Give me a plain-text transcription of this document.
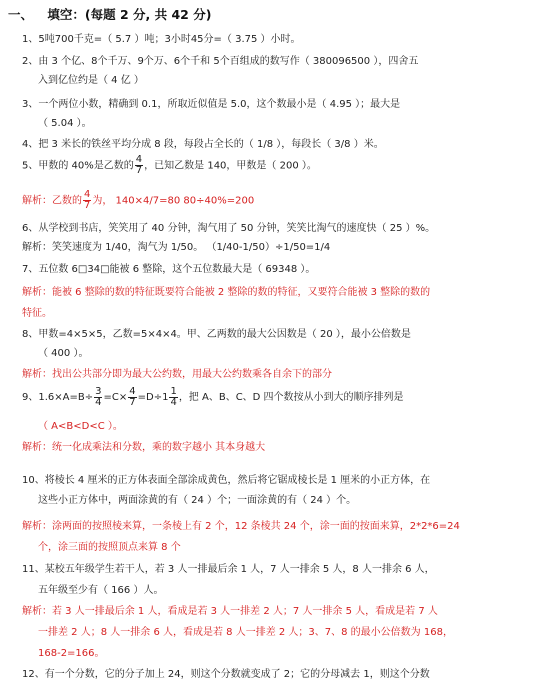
一、 填空：(每题 2 分, 共 42 分)
1、5吨700千克=（ 5.7 ）吨；3小时45分=（ 3.75 ）小时。
2、由 3 个亿、8个千万、9个万、6个千和 5个百组成的数写作（ 380096500 ），四舍五
入到亿位约是（ 4 亿 ）
3、一个两位小数，精确到 0.1，所取近似值是 5.0，这个数最小是（ 4.95 ）；最大是
（ 5.04 ）。
4、把 3 米长的铁丝平均分成 8 段，每段占全长的（ 1/8 ），每段长（ 3/8 ）米。
5、甲数的 40%是乙数的 $\frac{4}{7}$ ，已知乙数是 140，甲数是（ 200 ）。
解析：乙数的 $\frac{4}{7}$ 为， 140×4/7=80 80÷40%=200
6、从学校到书店，笑笑用了 40 分钟，淘气用了 50 分钟，笑笑比淘气的速度快（ 25 ）%。
解析：笑笑速度为 1/40，淘气为 1/50。 （1/40-1/50）÷1/50=1/4
7、五位数 6□34□能被 6 整除，这个五位数最大是（ 69348 ）。
解析：能被 6 整除的数的特征既要符合能被 2 整除的数的特征，又要符合能被 3 整除的数的
特征。
8、甲数=4×5×5，乙数=5×4×4。甲、乙两数的最大公因数是（ 20 ），最小公倍数是
（ 400 ）。
解析：找出公共部分即为最大公约数，用最大公约数乘各自余下的部分
9、$1.6\times A=B\div \frac{3}{4} =C\times \frac{4}{7} =D\div 1 \frac{1}{4}$ ，把 A、B、C、D 四个数按从小到大的顺序排列是
（ A<B<D<C ）。
解析：统一化成乘法和分数，乘的数字越小 其本身越大
10、将棱长 4 厘米的正方体表面全部涂成黄色，然后将它锯成棱长是 1 厘米的小正方体，在
这些小正方体中，两面涂黄的有（ 24 ）个；一面涂黄的有（ 24 ）个。
解析：涂两面的按照棱来算，一条棱上有 2 个，12 条棱共 24 个，涂一面的按面来算，2*2*6=24
个，涂三面的按照顶点来算 8 个
11、某校五年级学生若干人，若 3 人一排最后余 1 人，7 人一排余 5 人，8 人一排余 6 人，
五年级至少有（ 166 ）人。
解析：若 3 人一排最后余 1 人，看成是若 3 人一排差 2 人；7 人一排余 5 人，看成是若 7 人
一排差 2 人；8 人一排余 6 人，看成是若 8 人一排差 2 人；3、7、8 的最小公倍数为 168，
168-2=166。
12、有一个分数，它的分子加上 24，则这个分数就变成了 2；它的分母减去 1，则这个分数
